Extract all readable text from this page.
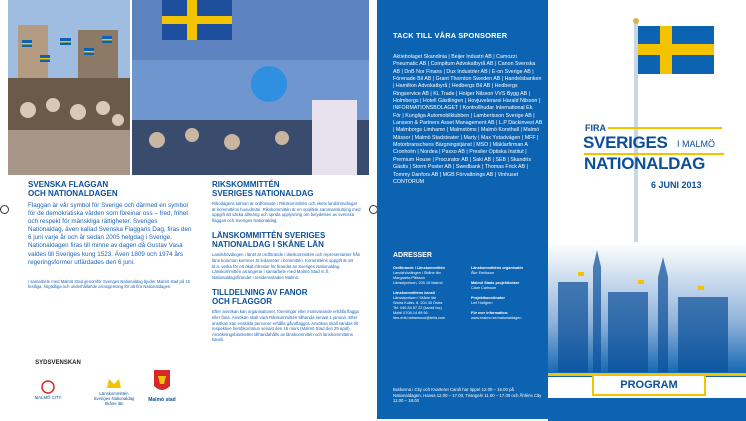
SVENSKA FLAGGAN
OCH NATIONALDAGEN
Flaggan är vår symbol för Sverige och därmed en symbol för de demokratiska värden som föreinar oss – fred, frihet och respekt för mänskliga rättigheter. Sveriges Nationaldag, även kallad Svenska Flaggans Dag, firas den 6 juni varje år och är sedan 2005 helgdag i Sverige. Nationaldagen firas till minne av dagen då Gustav Vasa valdes till Sveriges kung 1523. Även 1809 och 1974 års regeringsformer utfärdades den 6 juni.
I samarbete med Malmö Stad genomför Sveriges Nationaldag bjuder Malmö stad på 15 festliga, högtidliga och underhållande arrangemang för att fira Nationaldagen.
RIKSKOMMITTÉN
SVERIGES NATIONALDAG
Rikodagens talman är ordförande i Rikskommittén och ekets landshövdingar är kommitténs huvudmän. Rikskommittén är en opolitisk sammanslutning med uppgift att väcka allmäng och sprida upplysning om betydelsen av svenska flaggan och Sveriges Nationaldag.
LÄNSKOMMITTÉN SVERIGES
NATIONALDAG I SKÅNE LÄN
Landshövdingen i länet är ordförande i länskommittén och representanter från läns kommun kommer är ledamöter i kommittén. Kommitténs uppgift är att bl.a. verka för ett ökat intresse för firandet av Sveriges Nationaldag. Länskommittén arrangerar i samarbete med Malmö Stad m.fl. Nationaldagsfirandet i residensstaden Malmö.
TILLDELNING AV FANOR
OCH FLAGGOR
Efter ansökan kan organisationer, föreningar eller motsvarande erhålla flagga eller fana. Ansökan skall vara Rikskommittén tillhanda senast 1 januari. Efter ansökan kan enskilda personer erhålla gåvoflaggor. Ansökan skall sändas till respektive hembkommun senast den 15 mars (Malmö Stad den 25 april). Ansökningsblanketter tillhandahålls av länskommittén och länskommitténs kansli.
SYDSVENSKAN
MALMÖ CITY
Länskommittén
Sveriges Nationaldag
Skåne län
Malmö stad
TACK TILL VÅRA SPONSORER
Aktiebolaget Skandinia | Beijer Industri AB | Camozzi Pneumatic AB | Compitum Advokatbyrå AB | Canon Svenska AB | DnB Nor Finans | Dux Industrier AB | E-on Sverige AB | Förenade Bil AB | Grant Thornton Sweden AB | Handelsbanken | Hamilton Advokatbyrå | Hedbergs Bil AB | Hedbergs Ringservice AB | KL Trade | Holger Nilsson VVS Bygg AB | Holmbergs | Hotell Gästlingen | Hovjuvelerarei Harald Nilsson | INFORMATIONSBOLAGET | Kontrollhudar International Ek. För | Kungliga Automobilklubben | Lambertsson Sverige AB | Lansson & Partners Asset Management AB | L.P Däckinvest AB | Malmborgs Limhamn | Malmstöms | Malmö Korsthall | Malmö Mässor | Malmö Stadsteater | Marty | Max Ystadvägen | MFF | Motorbranschens Bärgningstjänst | MSO | Mäklarfirman A Cronholm | Nordea | Paxxo AB | Presiler Optiska Institut | Premium House | Procurator AB | Saki AB | SEB | Skandris Gästis | Storm Poster AB | Swedbank | Thomas Frick AB | Tommy Danfors AB | MGB Förvaltnings AB | Vinhuset CONTORUM
ADRESSER
Ordförande i Länskommittén
Landshövdingen i Skåne län
Margareta Pålsson
Länsstyrelsen, 205 15 Malmö

Länskommitténs kansli
Länsstyrelsen i Skåne län
Södra Kullsv. 8, 204 35 Östra
Tel. 040-54 87 22 (kansli fax)
Mobil 0708-14 68 96
lars-erik.habansson@telia.com
Länskommitténs organisatör
Åke Emilsson

Malmö Stads projektledare
Clare Carlsson

Projektkoordinator
Leif Hultgren

För mer information:
www.malmo.se/nationaldagen
Butikerna i City och Kvarteret Caroli har öppet 12.00 – 16.00 på Nationaldagen, Hansa 12.00 – 17.00, Triangeln 11.00 – 17.00 och Åhléns City 11.00 – 18.00
FIRA
SVERIGES I MALMÖ
NATIONALDAG
6 JUNI 2013
PROGRAM
